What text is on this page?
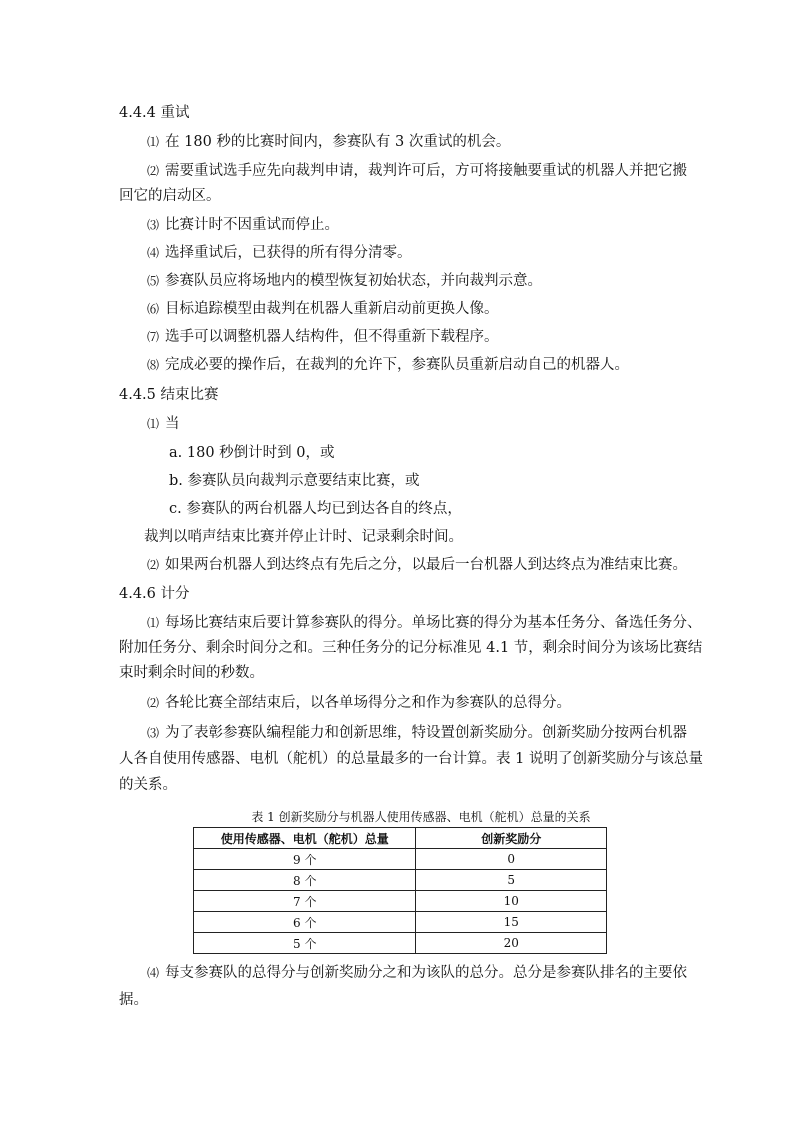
4.4.4 重试
⑴ 在 180 秒的比赛时间内，参赛队有 3 次重试的机会。
⑵ 需要重试选手应先向裁判申请，裁判许可后，方可将接触要重试的机器人并把它搬
回它的启动区。
⑶ 比赛计时不因重试而停止。
⑷ 选择重试后，已获得的所有得分清零。
⑸ 参赛队员应将场地内的模型恢复初始状态，并向裁判示意。
⑹ 目标追踪模型由裁判在机器人重新启动前更换人像。
⑺ 选手可以调整机器人结构件，但不得重新下载程序。
⑻ 完成必要的操作后，在裁判的允许下，参赛队员重新启动自己的机器人。
4.4.5 结束比赛
⑴ 当
a. 180 秒倒计时到 0，或
b. 参赛队员向裁判示意要结束比赛，或
c. 参赛队的两台机器人均已到达各自的终点，
裁判以哨声结束比赛并停止计时、记录剩余时间。
⑵ 如果两台机器人到达终点有先后之分，以最后一台机器人到达终点为准结束比赛。
4.4.6 计分
⑴ 每场比赛结束后要计算参赛队的得分。单场比赛的得分为基本任务分、备选任务分、
附加任务分、剩余时间分之和。三种任务分的记分标准见 4.1 节，剩余时间分为该场比赛结
束时剩余时间的秒数。
⑵ 各轮比赛全部结束后，以各单场得分之和作为参赛队的总得分。
⑶ 为了表彰参赛队编程能力和创新思维，特设置创新奖励分。创新奖励分按两台机器
人各自使用传感器、电机（舵机）的总量最多的一台计算。表 1 说明了创新奖励分与该总量
的关系。
表 1 创新奖励分与机器人使用传感器、电机（舵机）总量的关系
使用传感器、电机（舵机）总量	创新奖励分
9 个	0
8 个	5
7 个	10
6 个	15
5 个	20
⑷ 每支参赛队的总得分与创新奖励分之和为该队的总分。总分是参赛队排名的主要依
据。
